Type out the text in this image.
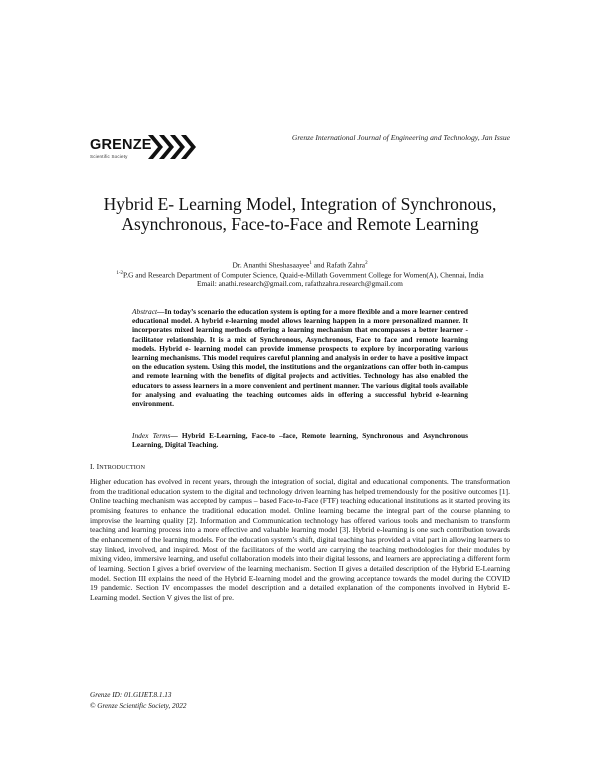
GRENZE
Scientific Society
Grenze International Journal of Engineering and Technology, Jan Issue
Hybrid E- Learning Model, Integration of Synchronous,
Asynchronous, Face-to-Face and Remote Learning
Dr. Ananthi Sheshasaayee$^1$ and Rafath Zahra$^2$
$^{1-2}$P.G and Research Department of Computer Science, Quaid-e-Millath Government College for Women(A), Chennai, India
Email: anathi.research@gmail.com, rafathzahra.research@gmail.com
Abstract—In today’s scenario the education system is opting for a more flexible and a more learner centred educational model. A hybrid e-learning model allows learning happen in a more personalized manner. It incorporates mixed learning methods offering a learning mechanism that encompasses a better learner - facilitator relationship. It is a mix of Synchronous, Asynchronous, Face to face and remote learning models. Hybrid e- learning model can provide immense prospects to explore by incorporating various learning mechanisms. This model requires careful planning and analysis in order to have a positive impact on the education system. Using this model, the institutions and the organizations can offer both in-campus and remote learning with the benefits of digital projects and activities. Technology has also enabled the educators to assess learners in a more convenient and pertinent manner. The various digital tools available for analysing and evaluating the teaching outcomes aids in offering a successful hybrid e-learning environment.
Index Terms— Hybrid E-Learning, Face-to –face, Remote learning, Synchronous and Asynchronous Learning, Digital Teaching.
I. INTRODUCTION
Higher education has evolved in recent years, through the integration of social, digital and educational components. The transformation from the traditional education system to the digital and technology driven learning has helped tremendously for the positive outcomes [1]. Online teaching mechanism was accepted by campus – based Face-to-Face (FTF) teaching educational institutions as it started proving its promising features to enhance the traditional education model. Online learning became the integral part of the course planning to improvise the learning quality [2]. Information and Communication technology has offered various tools and mechanism to transform teaching and learning process into a more effective and valuable learning model [3]. Hybrid e-learning is one such contribution towards the enhancement of the learning models. For the education system’s shift, digital teaching has provided a vital part in allowing learners to stay linked, involved, and inspired. Most of the facilitators of the world are carrying the teaching methodologies for their modules by mixing video, immersive learning, and useful collaboration models into their digital lessons, and learners are appreciating a different form of learning. Section I gives a brief overview of the learning mechanism. Section II gives a detailed description of the Hybrid E-Learning model. Section III explains the need of the Hybrid E-learning model and the growing acceptance towards the model during the COVID 19 pandemic. Section IV encompasses the model description and a detailed explanation of the components involved in Hybrid E-Learning model. Section V gives the list of pre.
Grenze ID: 01.GIJET.8.1.13
© Grenze Scientific Society, 2022
